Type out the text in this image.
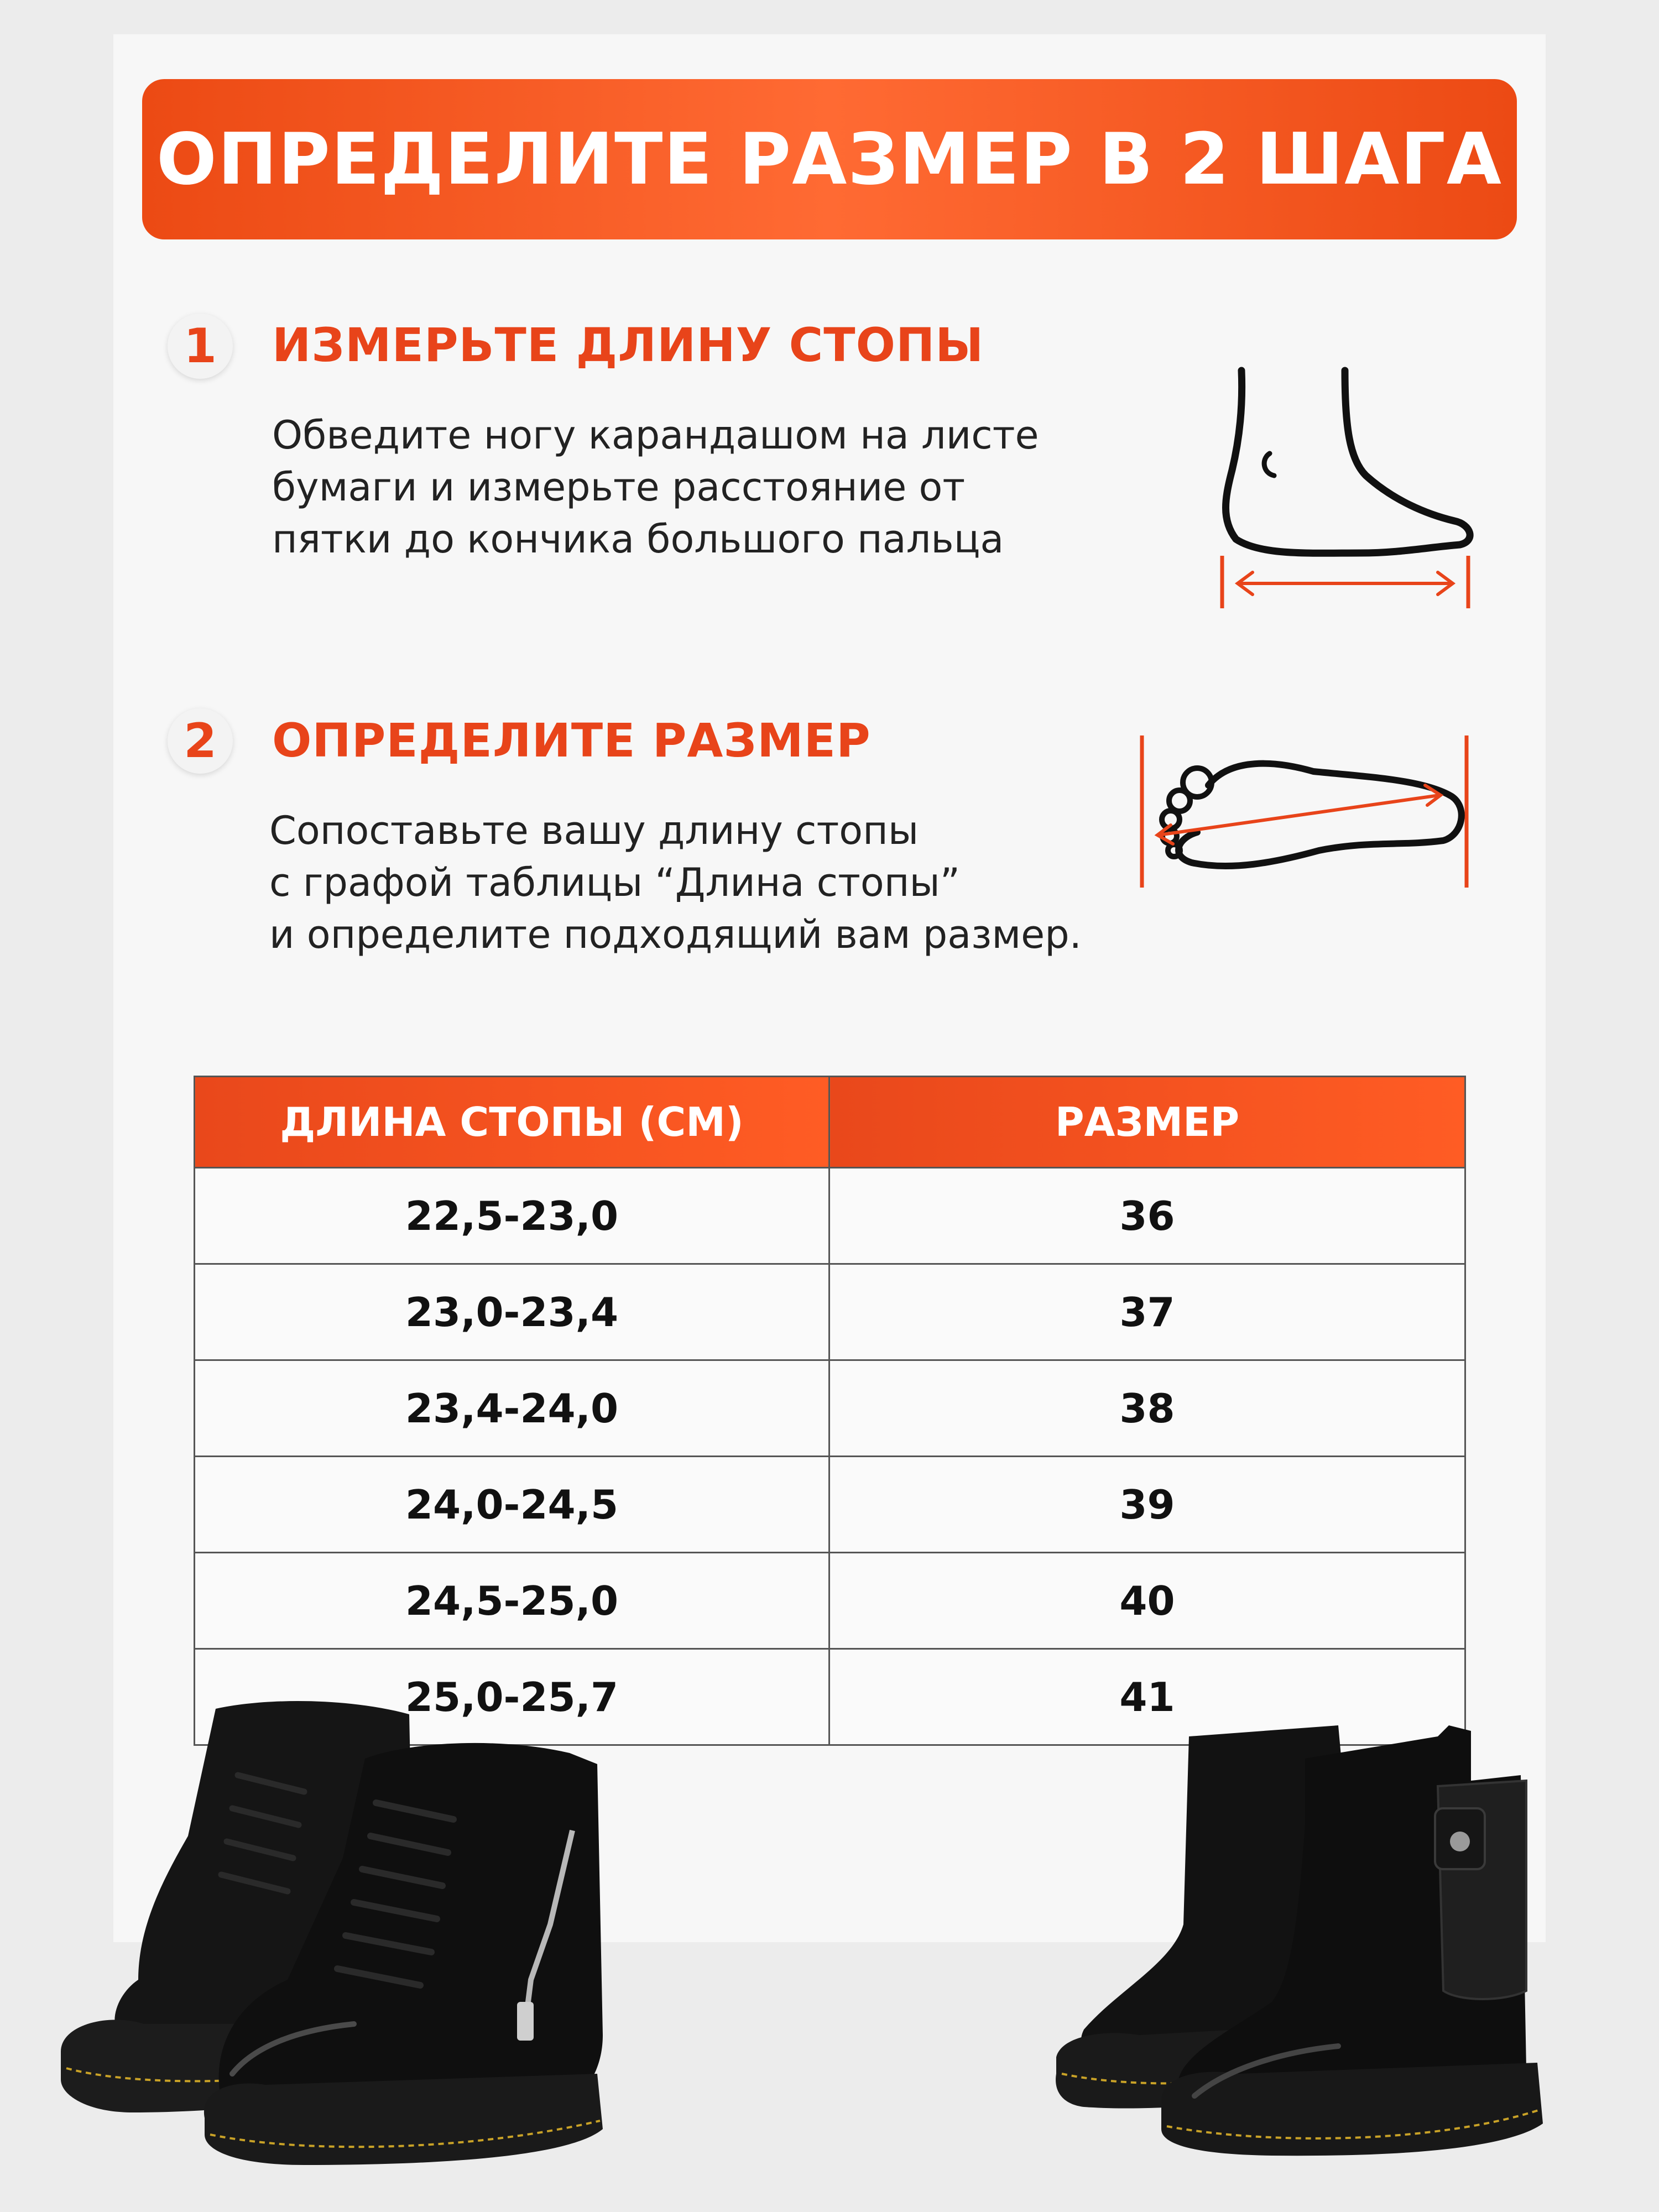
ОПРЕДЕЛИТЕ РАЗМЕР В 2 ШАГА
1 ИЗМЕРЬТЕ ДЛИНУ СТОПЫ
Обведите ногу карандашом на листе
бумаги и измерьте расстояние от
пятки до кончика большого пальца
2 ОПРЕДЕЛИТЕ РАЗМЕР
Сопоставьте вашу длину стопы
с графой таблицы “Длина стопы”
и определите подходящий вам размер.
ДЛИНА СТОПЫ (СМ)	РАЗМЕР
22,5-23,0	36
23,0-23,4	37
23,4-24,0	38
24,0-24,5	39
24,5-25,0	40
25,0-25,7	41
